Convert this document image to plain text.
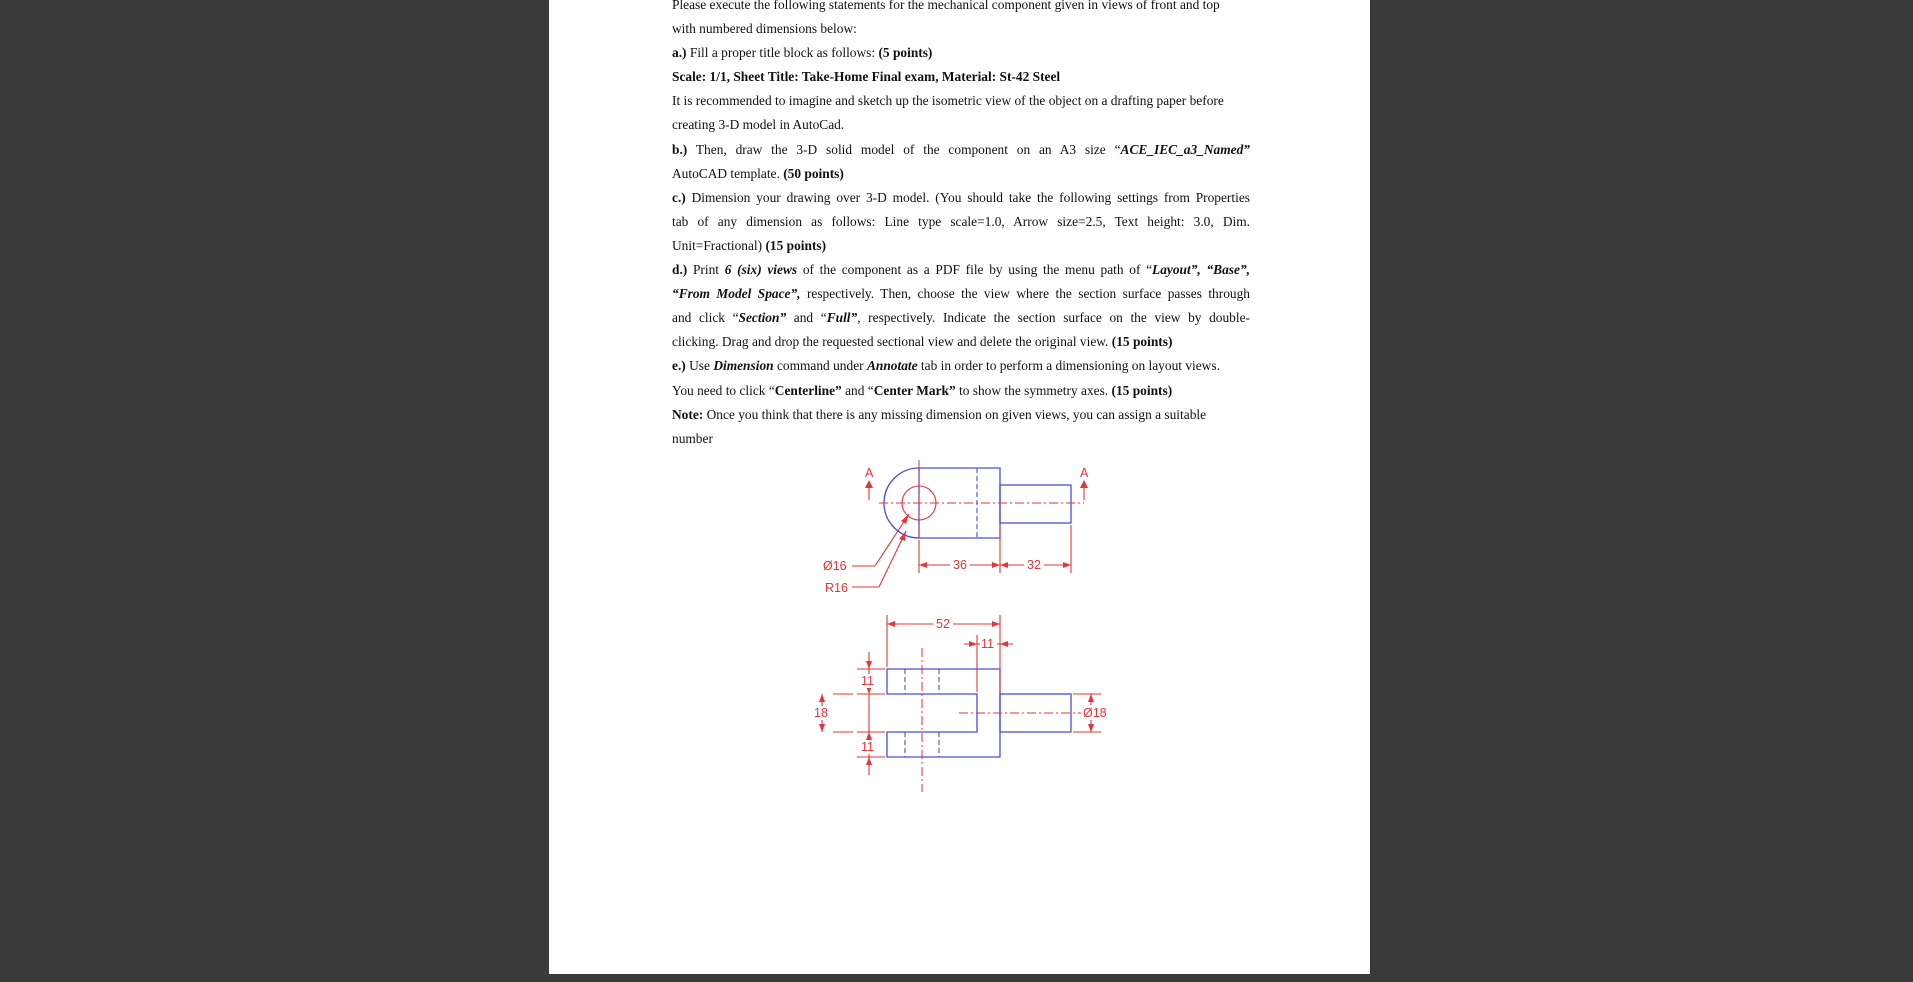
Please execute the following statements for the mechanical component given in views of front and top

with numbered dimensions below:

a.) Fill a proper title block as follows: (5 points)

Scale: 1/1, Sheet Title: Take-Home Final exam, Material: St-42 Steel

It is recommended to imagine and sketch up the isometric view of the object on a drafting paper before

creating 3-D model in AutoCad.

b.) Then, draw the 3-D solid model of the component on an A3 size “ACE_IEC_a3_Named”

AutoCAD template. (50 points)

c.) Dimension your drawing over 3-D model. (You should take the following settings from Properties

tab of any dimension as follows: Line type scale=1.0, Arrow size=2.5, Text height: 3.0, Dim.

Unit=Fractional) (15 points)

d.) Print 6 (six) views of the component as a PDF file by using the menu path of “Layout”, “Base”,

“From Model Space”, respectively. Then, choose the view where the section surface passes through

and click “Section” and “Full”, respectively. Indicate the section surface on the view by double-

clicking. Drag and drop the requested sectional view and delete the original view. (15 points)

e.) Use Dimension command under Annotate tab in order to perform a dimensioning on layout views.

You need to click “Centerline” and “Center Mark” to show the symmetry axes. (15 points)

Note: Once you think that there is any missing dimension on given views, you can assign a suitable number

A	A
Ø16
R16
36	32
52
11
11
11
18	Ø18
